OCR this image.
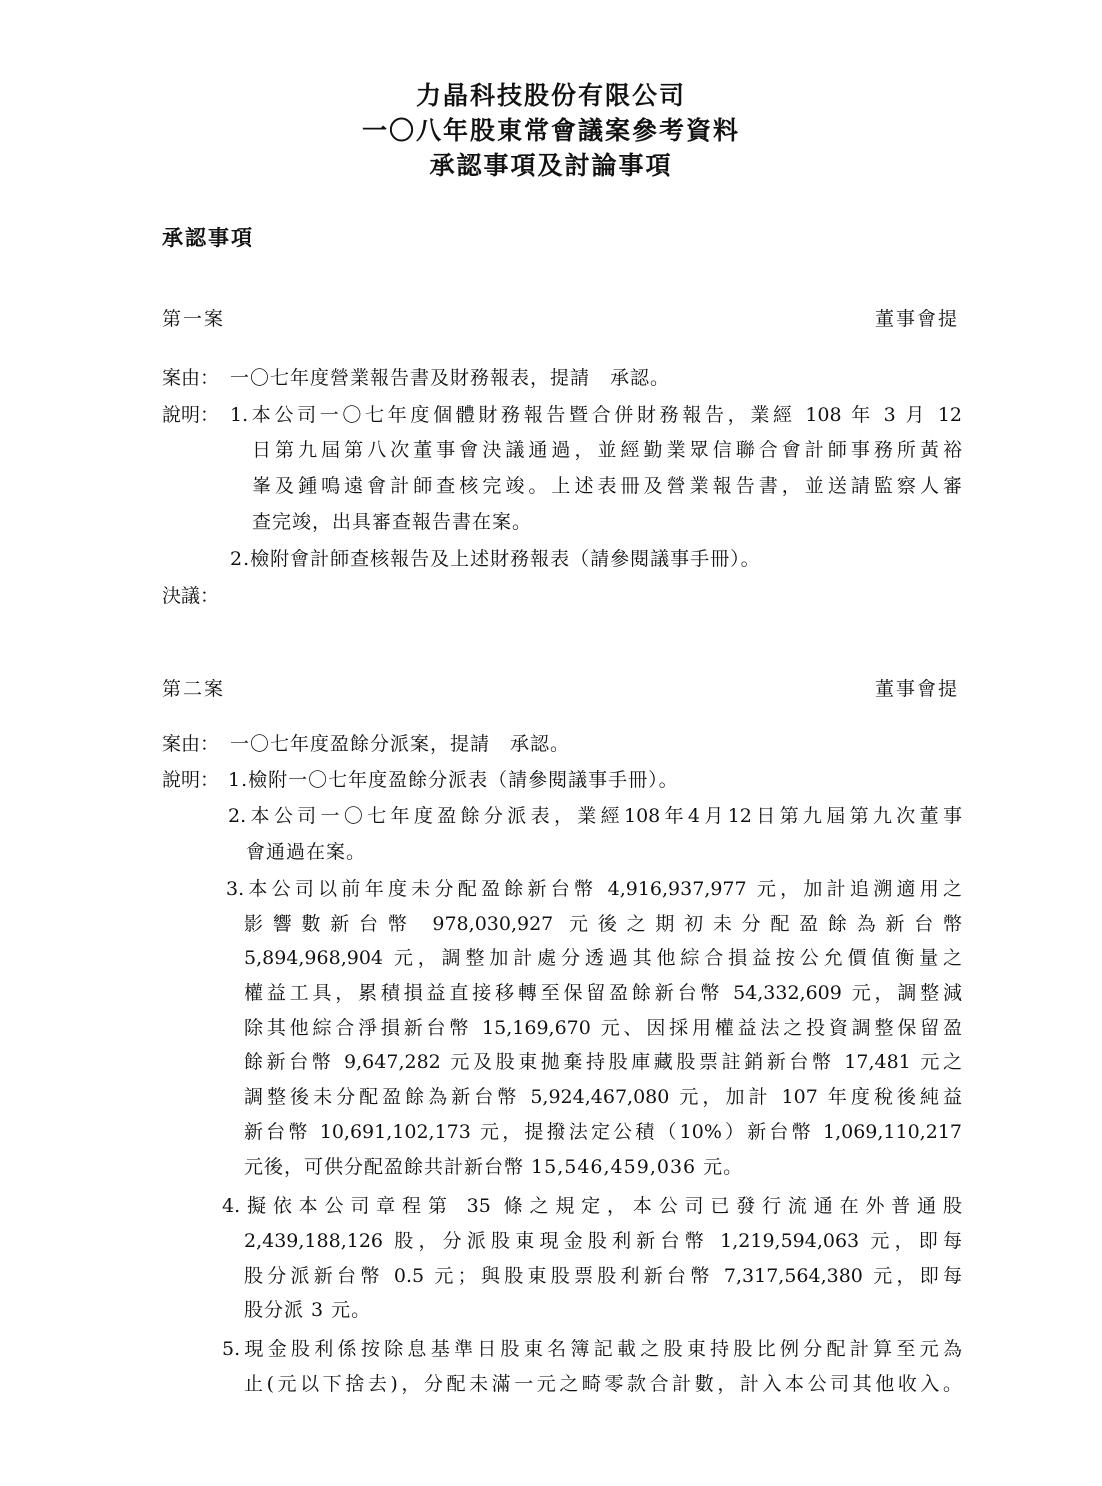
力晶科技股份有限公司
一〇八年股東常會議案參考資料
承認事項及討論事項
承認事項
第一案	董事會提
案由： 一〇七年度營業報告書及財務報表，提請　承認。
說明： 1.本公司一〇七年度個體財務報告暨合併財務報告，業經 108 年 3 月 12
日第九屆第八次董事會決議通過，並經勤業眾信聯合會計師事務所黃裕
峯及鍾鳴遠會計師查核完竣。上述表冊及營業報告書，並送請監察人審
查完竣，出具審查報告書在案。
2.檢附會計師查核報告及上述財務報表（請參閱議事手冊）。
決議：
第二案	董事會提
案由： 一〇七年度盈餘分派案，提請　承認。
說明： 1.檢附一〇七年度盈餘分派表（請參閱議事手冊）。
2.本公司一〇七年度盈餘分派表，業經108年4月12日第九屆第九次董事
會通過在案。
3.本公司以前年度未分配盈餘新台幣 4,916,937,977 元，加計追溯適用之
影響數新台幣 978,030,927 元後之期初未分配盈餘為新台幣
5,894,968,904 元，調整加計處分透過其他綜合損益按公允價值衡量之
權益工具，累積損益直接移轉至保留盈餘新台幣 54,332,609 元，調整減
除其他綜合淨損新台幣 15,169,670 元、因採用權益法之投資調整保留盈
餘新台幣 9,647,282 元及股東拋棄持股庫藏股票註銷新台幣 17,481 元之
調整後未分配盈餘為新台幣 5,924,467,080 元，加計 107 年度稅後純益
新台幣 10,691,102,173 元，提撥法定公積（10%）新台幣 1,069,110,217
元後，可供分配盈餘共計新台幣 15,546,459,036 元。
4.擬依本公司章程第 35 條之規定，本公司已發行流通在外普通股
2,439,188,126 股，分派股東現金股利新台幣 1,219,594,063 元，即每
股分派新台幣 0.5 元；與股東股票股利新台幣 7,317,564,380 元，即每
股分派 3 元。
5.現金股利係按除息基準日股東名簿記載之股東持股比例分配計算至元為
止(元以下捨去)，分配未滿一元之畸零款合計數，計入本公司其他收入。
